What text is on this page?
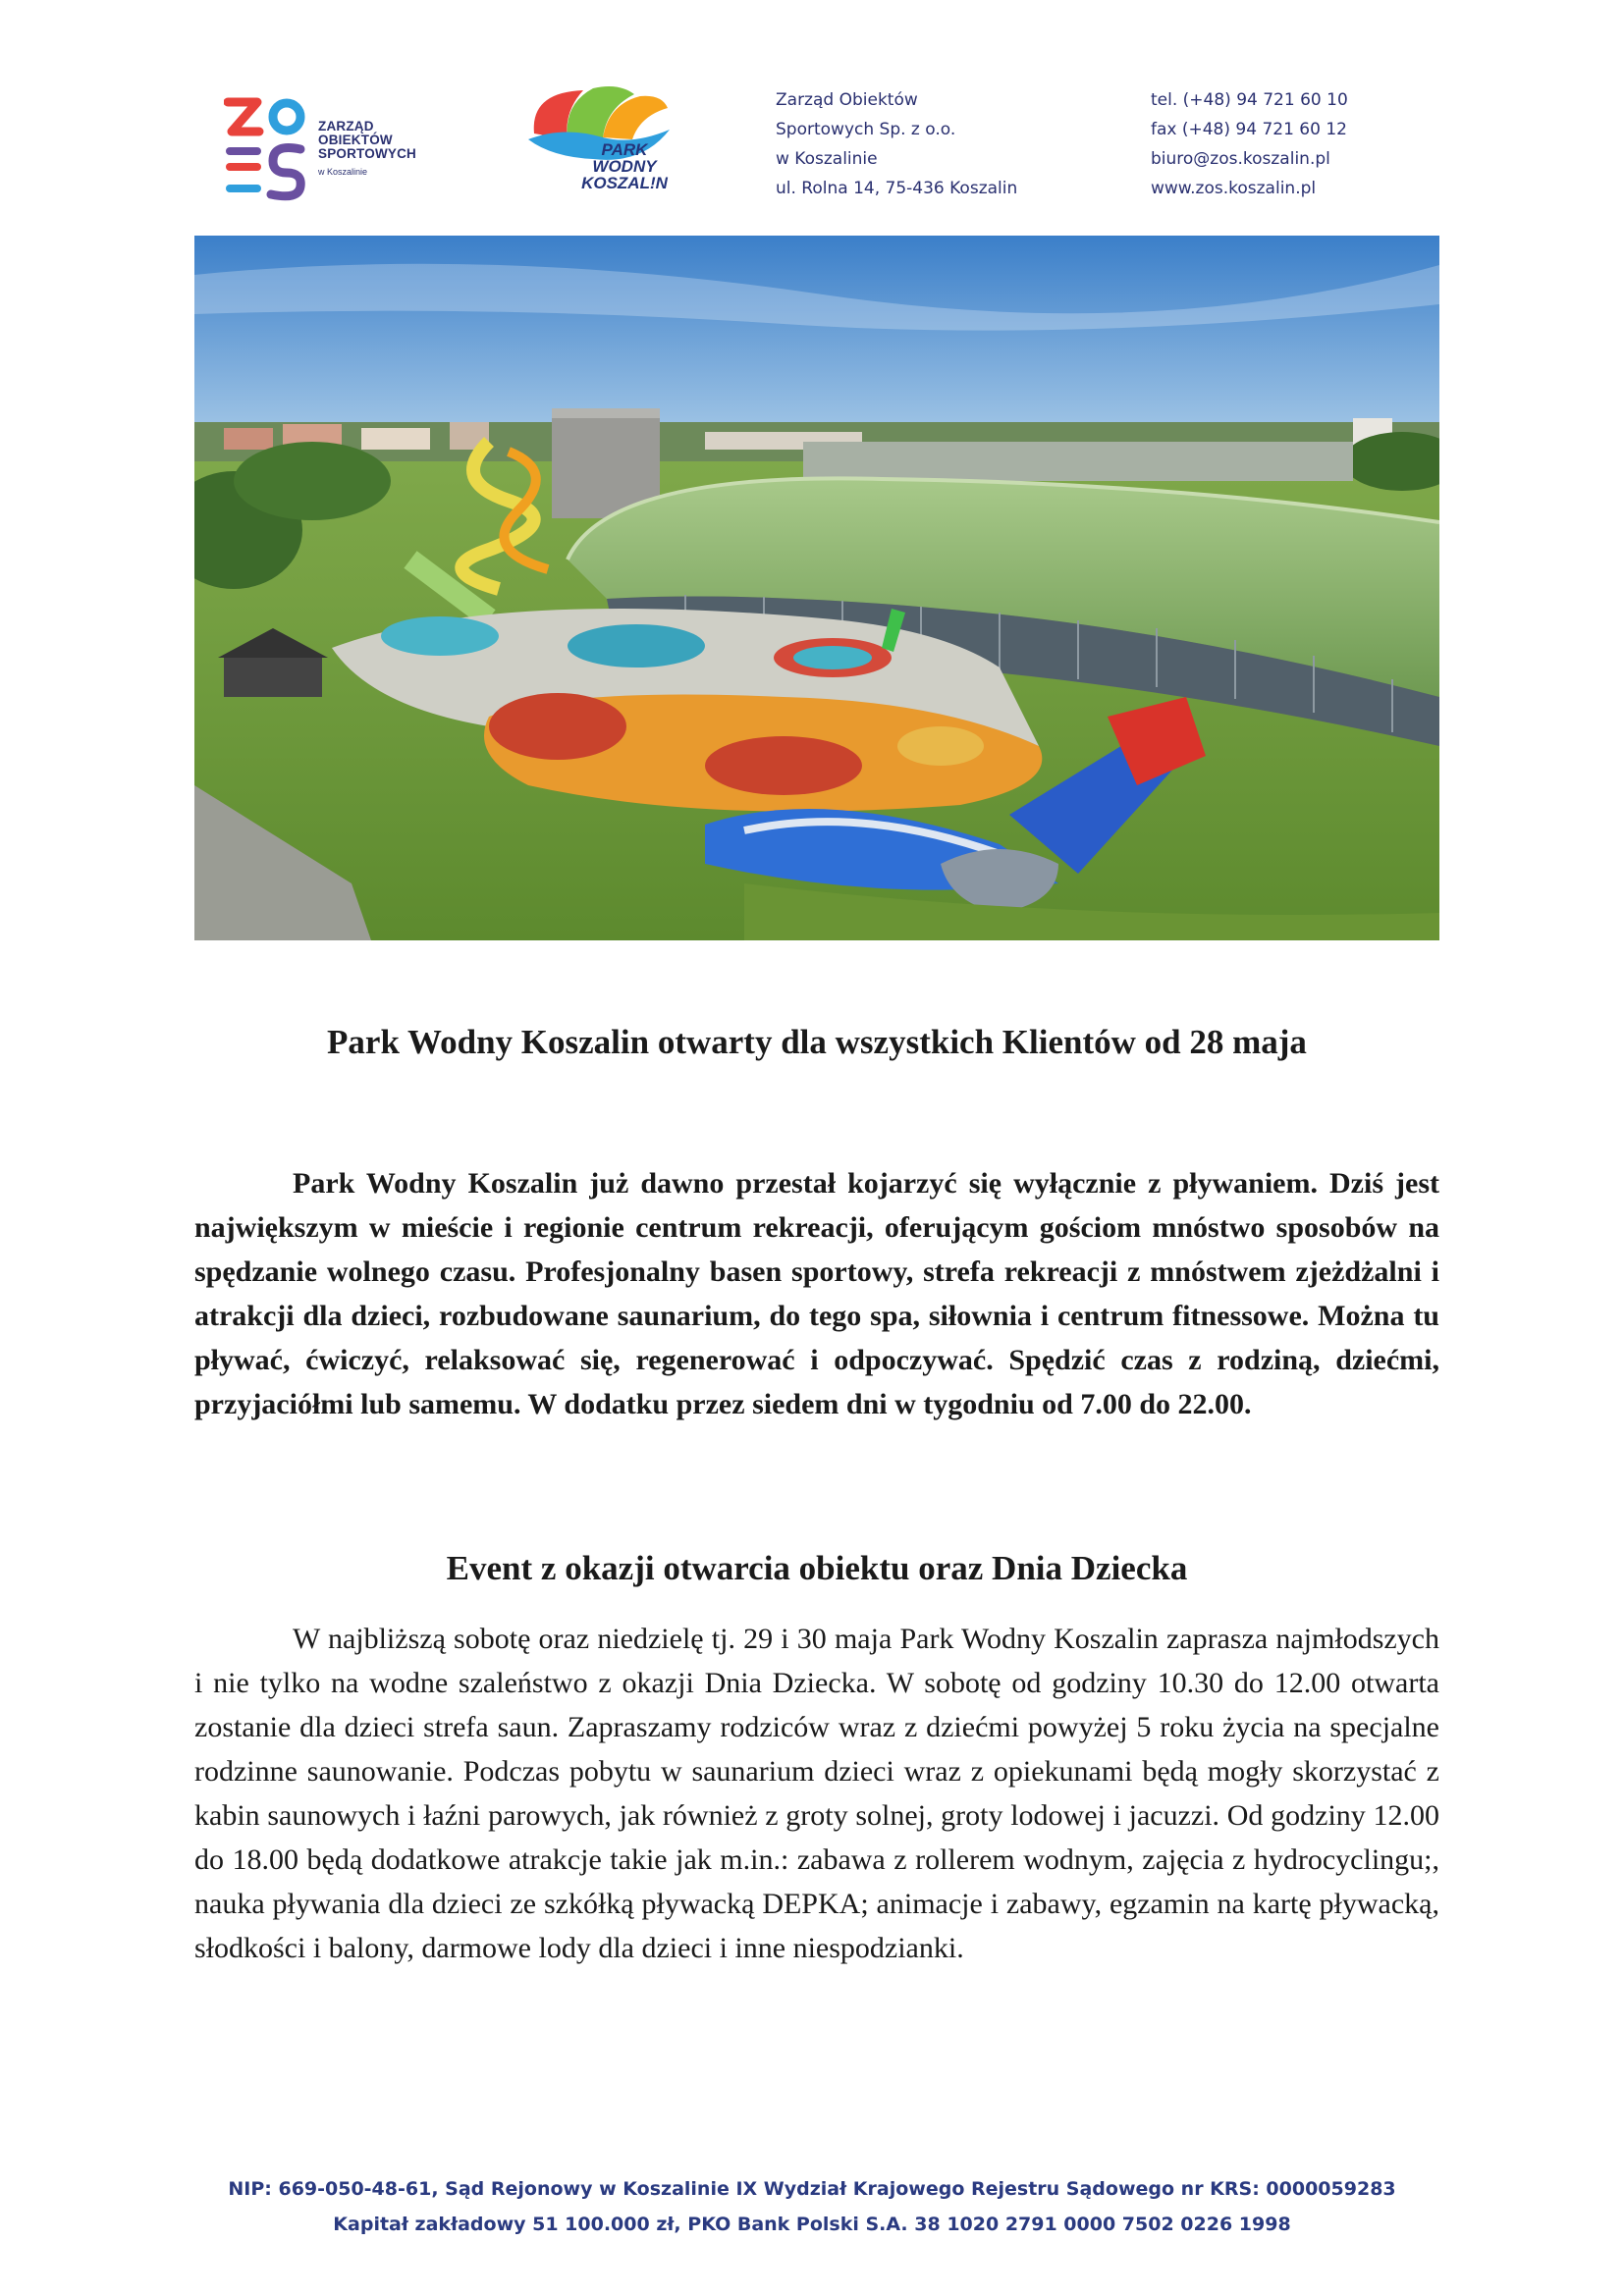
ZARZĄD
OBIEKTÓW
SPORTOWYCH
w Koszalinie
PARK
WODNY
KOSZAL!N
Zarząd Obiektów
Sportowych Sp. z o.o.
w Koszalinie
ul. Rolna 14, 75-436 Koszalin
tel. (+48) 94 721 60 10
fax (+48) 94 721 60 12
biuro@zos.koszalin.pl
www.zos.koszalin.pl
Park Wodny Koszalin otwarty dla wszystkich Klientów od 28 maja

Park Wodny Koszalin już dawno przestał kojarzyć się wyłącznie z pływaniem. Dziś jest największym w mieście i regionie centrum rekreacji, oferującym gościom mnóstwo sposobów na spędzanie wolnego czasu. Profesjonalny basen sportowy, strefa rekreacji z mnóstwem zjeżdżalni i atrakcji dla dzieci, rozbudowane saunarium, do tego spa, siłownia i centrum fitnessowe. Można tu pływać, ćwiczyć, relaksować się, regenerować i odpoczywać. Spędzić czas z rodziną, dziećmi, przyjaciółmi lub samemu. W dodatku przez siedem dni w tygodniu od 7.00 do 22.00.

Event z okazji otwarcia obiektu oraz Dnia Dziecka

W najbliższą sobotę oraz niedzielę tj. 29 i 30 maja Park Wodny Koszalin zaprasza najmłodszych i nie tylko na wodne szaleństwo z okazji Dnia Dziecka. W sobotę od godziny 10.30 do 12.00 otwarta zostanie dla dzieci strefa saun. Zapraszamy rodziców wraz z dziećmi powyżej 5 roku życia na specjalne rodzinne saunowanie. Podczas pobytu w saunarium dzieci wraz z opiekunami będą mogły skorzystać z kabin saunowych i łaźni parowych, jak również z groty solnej, groty lodowej i jacuzzi. Od godziny 12.00 do 18.00 będą dodatkowe atrakcje takie jak m.in.: zabawa z rollerem wodnym, zajęcia z hydrocyclingu;, nauka pływania dla dzieci ze szkółką pływacką DEPKA; animacje i zabawy, egzamin na kartę pływacką, słodkości i balony, darmowe lody dla dzieci i inne niespodzianki.

NIP: 669-050-48-61, Sąd Rejonowy w Koszalinie IX Wydział Krajowego Rejestru Sądowego nr KRS: 0000059283
Kapitał zakładowy 51 100.000 zł, PKO Bank Polski S.A. 38 1020 2791 0000 7502 0226 1998
